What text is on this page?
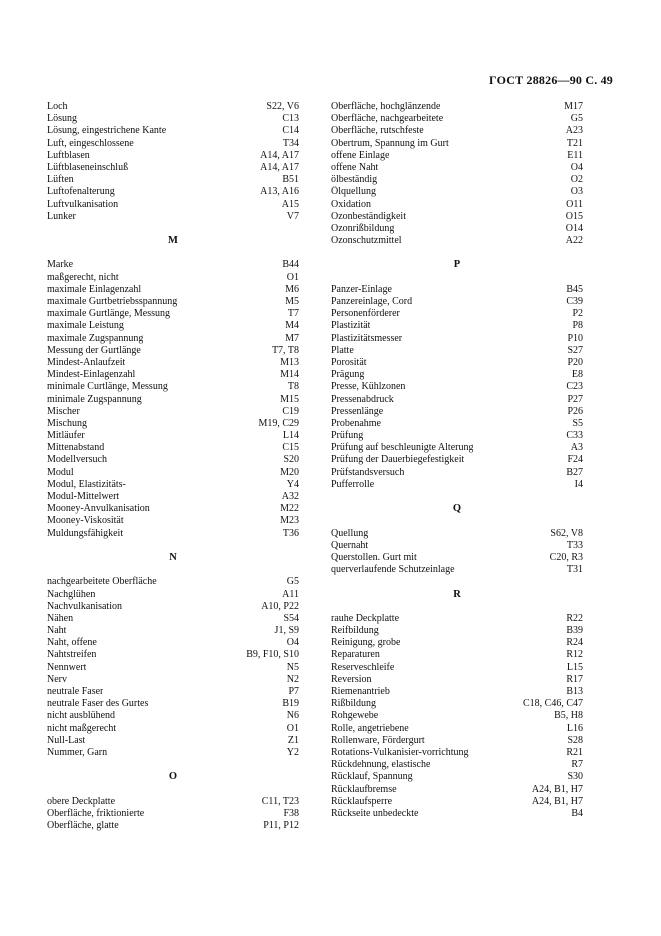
ГОСТ 28826—90 С. 49
Loch	S22, V6
Lösung	C13
Lösung, eingestrichene Kante	C14
Luft, eingeschlossene	T34
Luftblasen	A14, A17
Lüftblaseneinschluß	A14, A17
Lüften	B51
Luftofenalterung	A13, A16
Luftvulkanisation	A15
Lunker	V7
M
Marke	B44
maßgerecht, nicht	O1
maximale Einlagenzahl	M6
maximale Gurtbetriebsspannung	M5
maximale Gurtlänge, Messung	T7
maximale Leistung	M4
maximale Zugspannung	M7
Messung der Gurtlänge	T7, T8
Mindest-Anlaufzeit	M13
Mindest-Einlagenzahl	M14
minimale Curtlänge, Messung	T8
minimale Zugspannung	M15
Mischer	C19
Mischung	M19, C29
Mitläufer	L14
Mittenabstand	C15
Modellversuch	S20
Modul	M20
Modul, Elastizitäts-	Y4
Modul-Mittelwert	A32
Mooney-Anvulkanisation	M22
Mooney-Viskosität	M23
Muldungsfähigkeit	T36
N
nachgearbeitete Oberfläche	G5
Nachglühen	A11
Nachvulkanisation	A10, P22
Nähen	S54
Naht	J1, S9
Naht, offene	O4
Nahtstreifen	B9, F10, S10
Nennwert	N5
Nerv	N2
neutrale Faser	P7
neutrale Faser des Gurtes	B19
nicht ausblühend	N6
nicht maßgerecht	O1
Null-Last	Z1
Nummer, Garn	Y2
O
obere Deckplatte	C11, T23
Oberfläche, friktionierte	F38
Oberfläche, glatte	P11, P12
Oberfläche, hochglänzende	M17
Oberfläche, nachgearbeitete	G5
Oberfläche, rutschfeste	A23
Obertrum, Spannung im Gurt	T21
offene Einlage	E11
offene Naht	O4
ölbeständig	O2
Ölquellung	O3
Oxidation	O11
Ozonbeständigkeit	O15
Ozonrißbildung	O14
Ozonschutzmittel	A22
P
Panzer-Einlage	B45
Panzereinlage, Cord	C39
Personenförderer	P2
Plastizität	P8
Plastizitätsmesser	P10
Platte	S27
Porosität	P20
Prägung	E8
Presse, Kühlzonen	C23
Pressenabdruck	P27
Pressenlänge	P26
Probenahme	S5
Prüfung	C33
Prüfung auf beschleunigte Alterung	A3
Prüfung der Dauerbiegefestigkeit	F24
Prüfstandsversuch	B27
Pufferrolle	I4
Q
Quellung	S62, V8
Quernaht	T33
Querstollen. Gurt mit	C20, R3
querverlaufende Schutzeinlage	T31
R
rauhe Deckplatte	R22
Reifbildung	B39
Reinigung, grobe	R24
Reparaturen	R12
Reserveschleife	L15
Reversion	R17
Riemenantrieb	B13
Rißbildung	C18, C46, C47
Rohgewebe	B5, H8
Rolle, angetriebene	L16
Rollenware, Fördergurt	S28
Rotations-Vulkanisier-vorrichtung	R21
Rückdehnung, elastische	R7
Rücklauf, Spannung	S30
Rücklaufbremse	A24, B1, H7
Rücklaufsperre	A24, B1, H7
Rückseite unbedeckte	B4
